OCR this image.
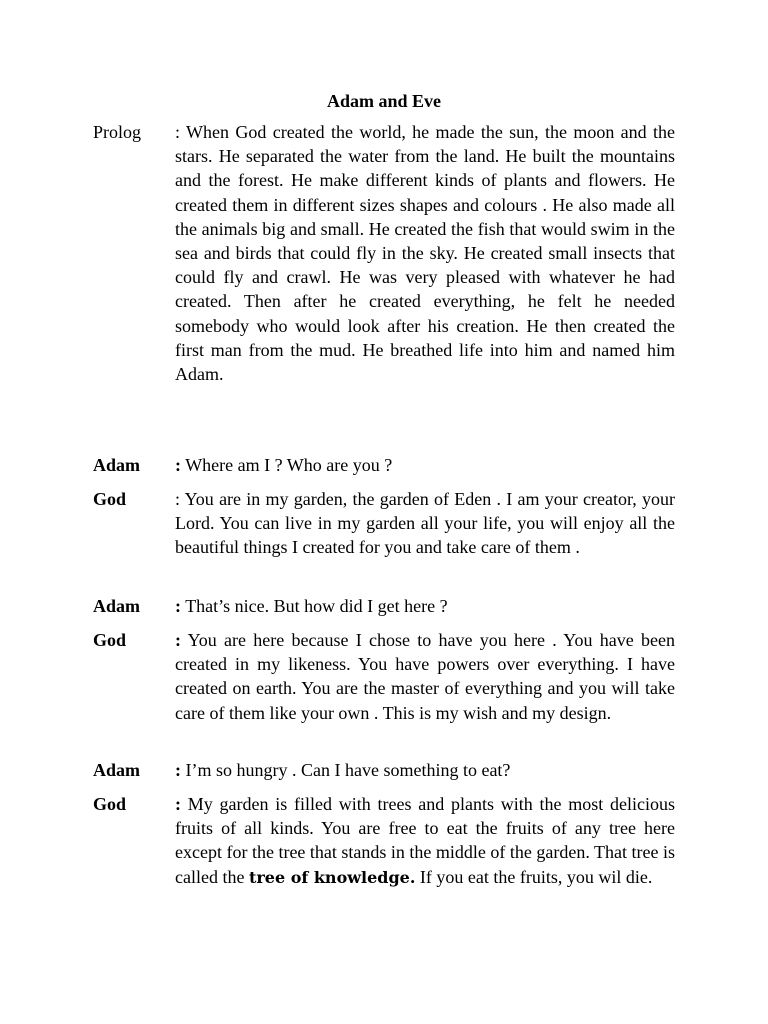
Adam and Eve
Prolog	: When God created the world, he made the sun, the moon and the stars. He separated the water from the land. He built the mountains and the forest. He make different kinds of plants and flowers. He created them in different sizes shapes and colours . He also made all the animals big and small. He created the fish that would swim in the sea and birds that could fly in the sky. He created small insects that could fly and crawl. He was very pleased with whatever he had created. Then after he created everything, he felt he needed somebody who would look after his creation. He then created the first man from the mud. He breathed life into him and named him Adam.
Adam	: Where am I ? Who are you ?
God	: You are in my garden, the garden of Eden . I am your creator, your Lord. You can live in my garden all your life, you will enjoy all the beautiful things I created for you and take care of them .
Adam	: That’s nice. But how did I get here ?
God	: You are here because I chose to have you here . You have been created in my likeness. You have powers over everything. I have created on earth. You are the master of everything and you will take care of them like your own . This is my wish and my design.
Adam	: I’m so hungry . Can I have something to eat?
God	: My garden is filled with trees and plants with the most delicious fruits of all kinds. You are free to eat the fruits of any tree here except for the tree that stands in the middle of the garden. That tree is called the tree of knowledge. If you eat the fruits, you wil die.
